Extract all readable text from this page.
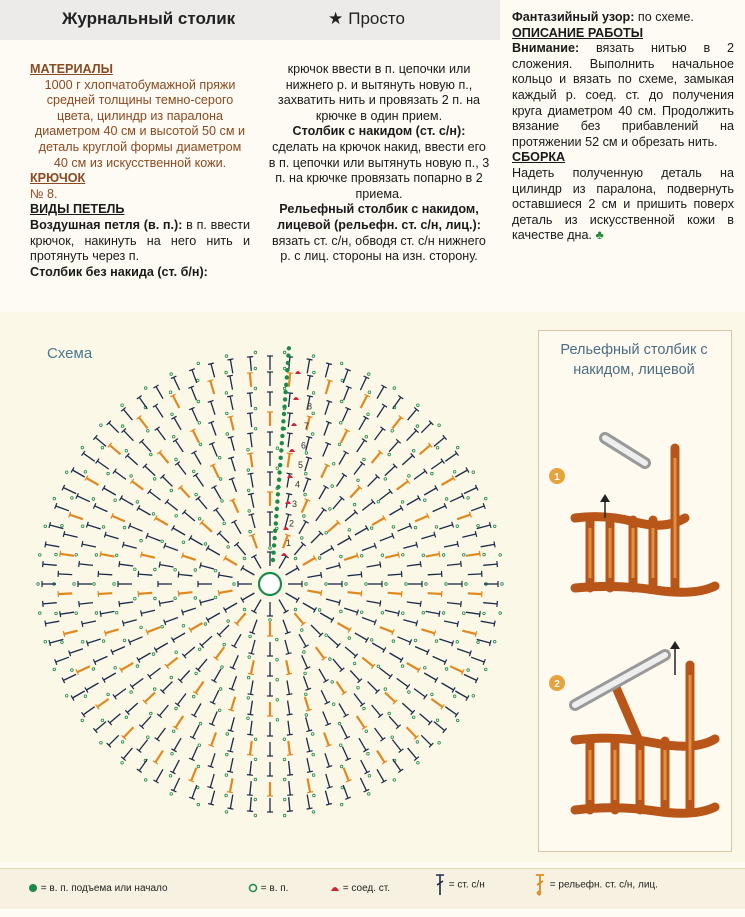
Журнальный столик	★ Просто

МАТЕРИАЛЫ

1000 г хлопчатобумажной пряжи средней толщины темно-серого цвета, цилиндр из паралона диаметром 40 см и высотой 50 см и деталь круглой формы диаметром 40 см из искусственной кожи.

КРЮЧОК

№ 8.

ВИДЫ ПЕТЕЛЬ

Воздушная петля (в. п.): в п. ввести крючок, накинуть на него нить и протянуть через п.

Столбик без накида (ст. б/н):

крючок ввести в п. цепочки или нижнего р. и вытянуть новую п., захватить нить и провязать 2 п. на крючке в один прием.

Столбик с накидом (ст. с/н):

сделать на крючок накид, ввести его в п. цепочки или вытянуть новую п., 3 п. на крючке провязать попарно в 2 приема.

Рельефный столбик с накидом, лицевой (рельефн. ст. с/н, лиц.):

вязать ст. с/н, обводя ст. с/н нижнего р. с лиц. стороны на изн. сторону.

Фантазийный узор: по схеме.

ОПИСАНИЕ РАБОТЫ

Внимание: вязать нитью в 2 сложения. Выполнить начальное кольцо и вязать по схеме, замыкая каждый р. соед. ст. до получения круга диаметром 40 см. Продолжить вязание без прибавлений на протяжении 52 см и обрезать нить.

СБОРКА

Надеть полученную деталь на цилиндр из паралона, подвернуть оставшиеся 2 см и пришить поверх деталь из искусственной кожи в качестве дна. ♣

Схема
1
2
3
4
5
6
7
8
Рельефный столбик с накидом, лицевой
1
2
= в. п. подъема или начало	= в. п.	= соед. ст.	= ст. с/н	= рельефн. ст. с/н, лиц.
